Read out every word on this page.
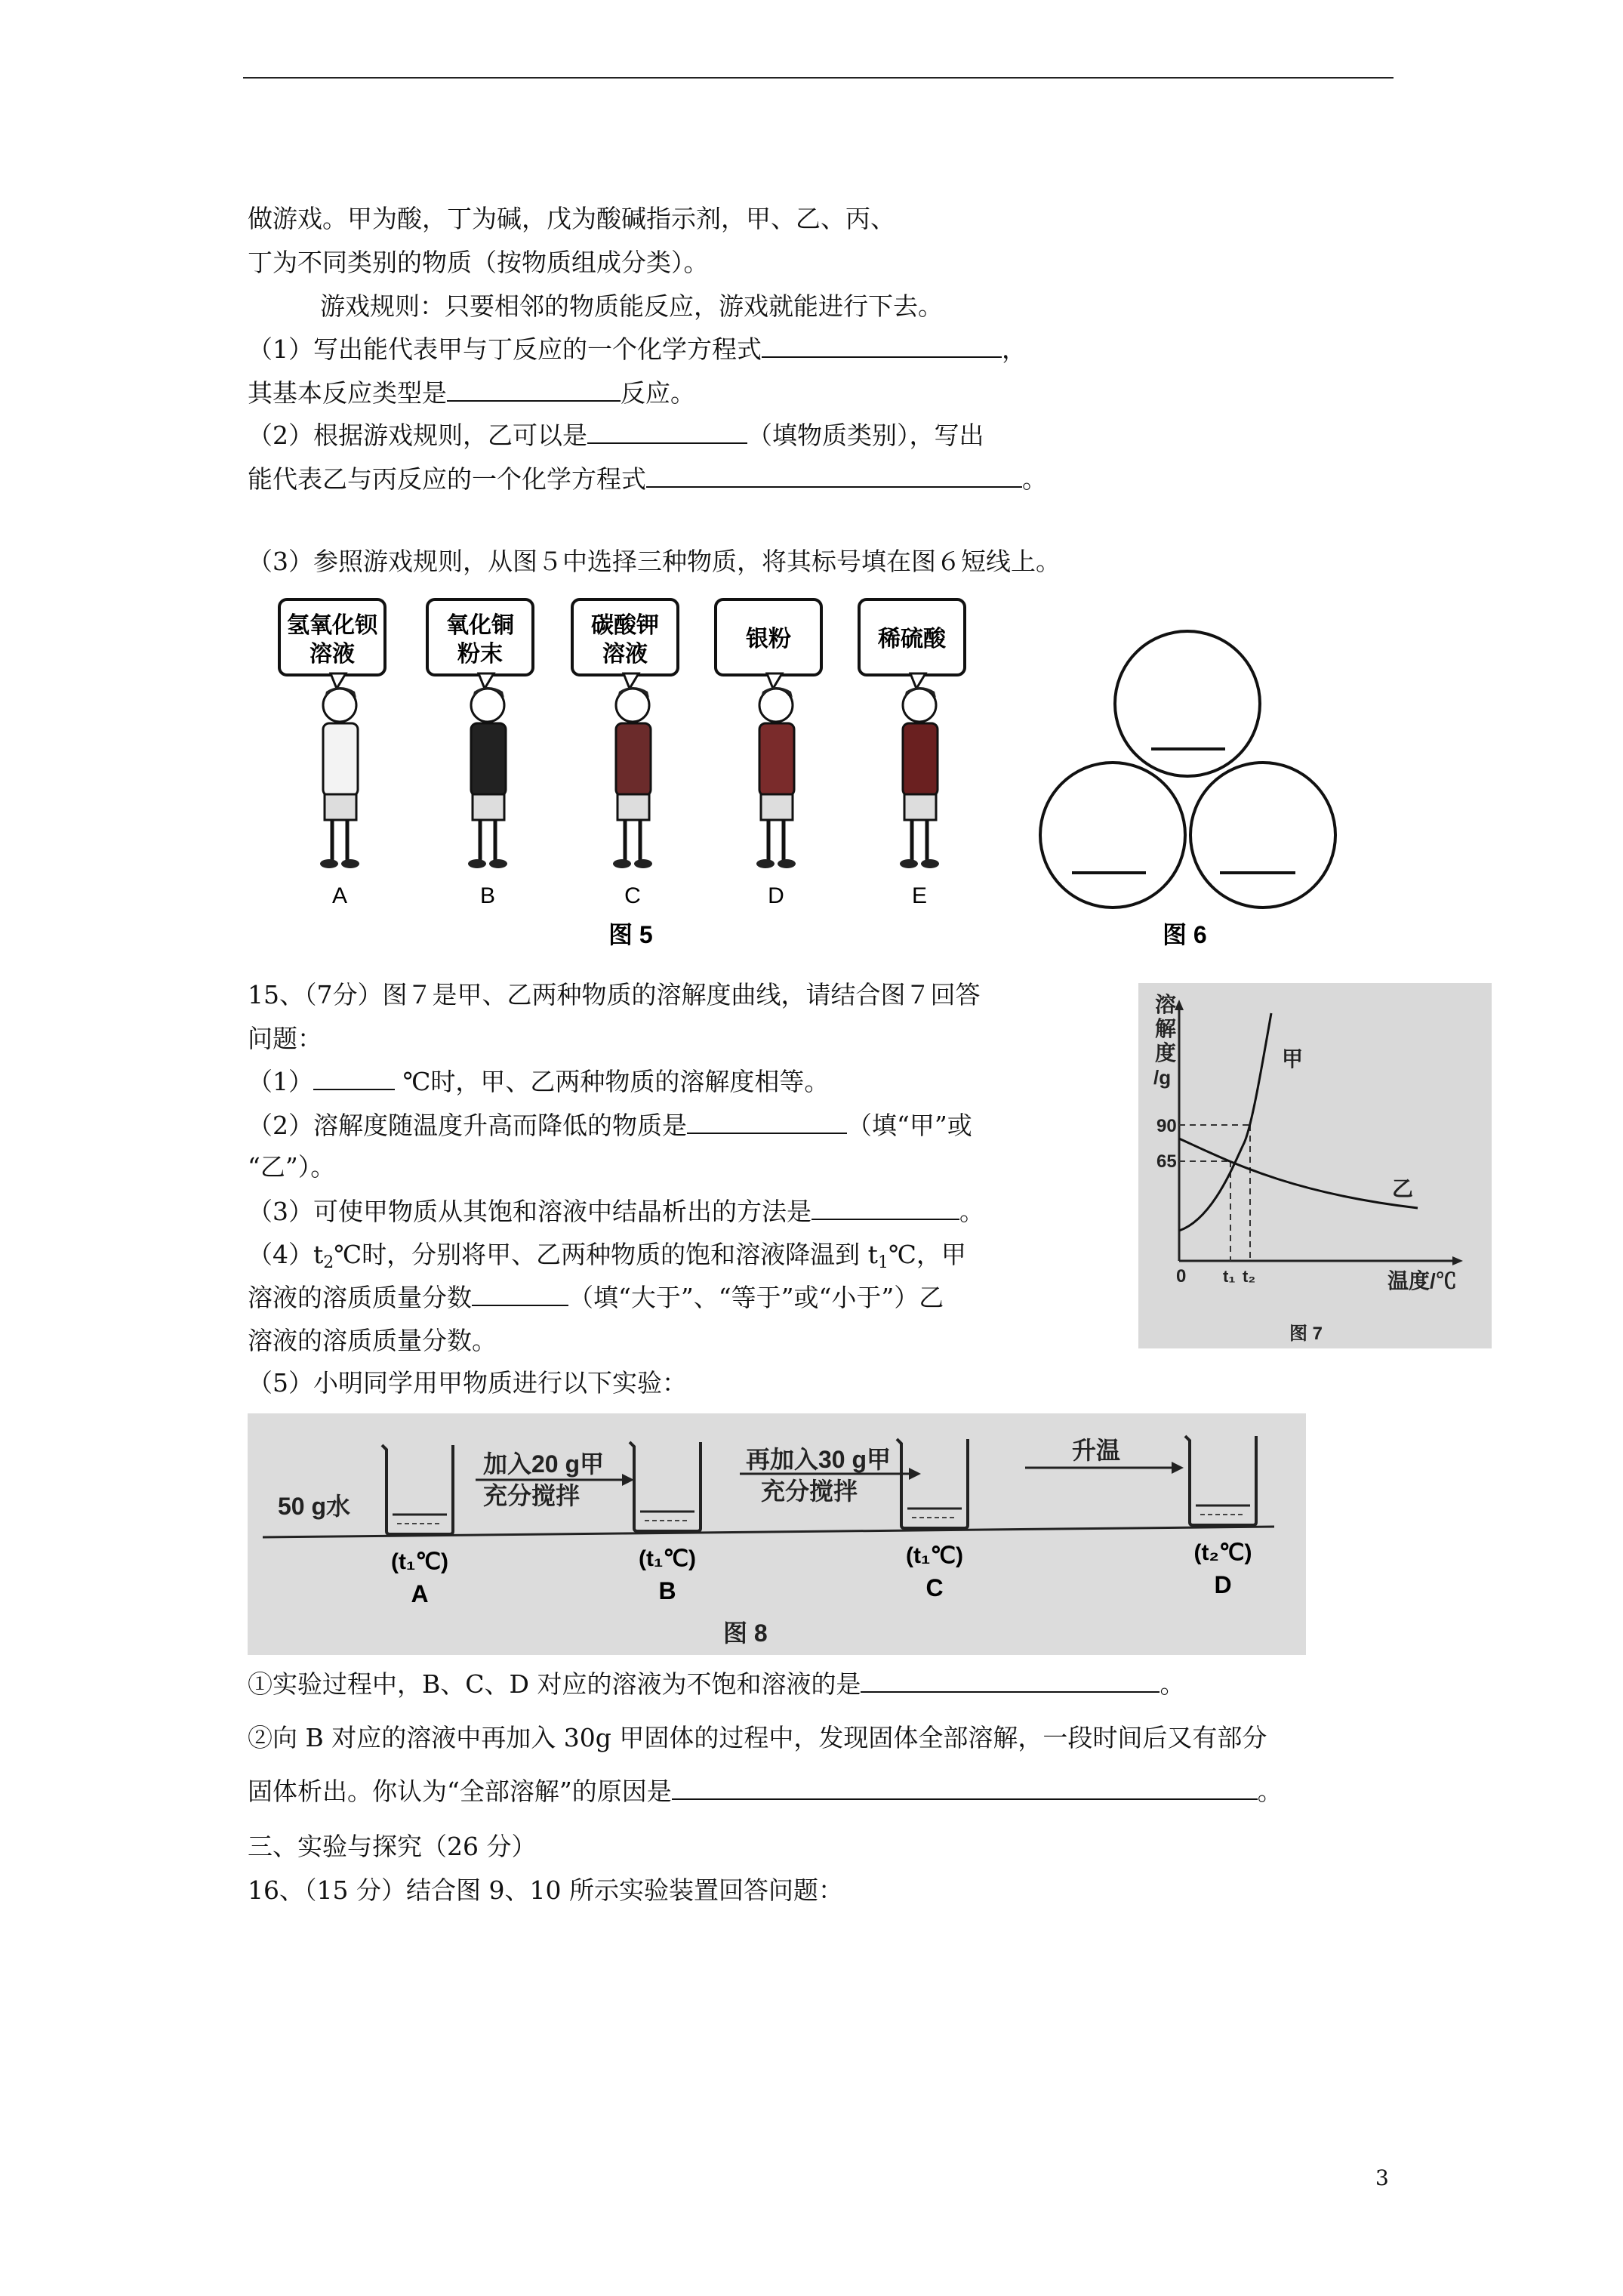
做游戏。甲为酸，丁为碱，戊为酸碱指示剂，甲、乙、丙、
丁为不同类别的物质（按物质组成分类）。
游戏规则：只要相邻的物质能反应，游戏就能进行下去。
（1）写出能代表甲与丁反应的一个化学方程式	，
其基本反应类型是	反应。
（2）根据游戏规则，乙可以是	（填物质类别），写出
能代表乙与丙反应的一个化学方程式	。
（3）参照游戏规则，从图５中选择三种物质，将其标号填在图６短线上。
氢氧化钡
溶液
A
氧化铜
粉末
B
碳酸钾
溶液
C
银粉
D
稀硫酸
E
图 5	图 6
15、（7分）图７是甲、乙两种物质的溶解度曲线，请结合图７回答
问题：
（1）	℃时，甲、乙两种物质的溶解度相等。
（2）溶解度随温度升高而降低的物质是	（填“甲”或
“乙”）。
（3）可使甲物质从其饱和溶液中结晶析出的方法是	。
$(4)t_2℃$时，分别将甲、乙两种物质的饱和溶液降温到 $t_1℃$，甲
溶液的溶质质量分数	（填“大于”、“等于”或“小于”）乙
溶液的溶质质量分数。
（5）小明同学用甲物质进行以下实验：
溶
解
度
/g
90
65
0 t₁ t₂	温度/℃
甲
乙
图 7
50 g水
加入20 g甲
充分搅拌
再加入30 g甲
充分搅拌
升温
图 8
(t₁℃)
A
(t₁℃)
B
(t₁℃)
C
(t₂℃)
D
①实验过程中，B、C、D 对应的溶液为不饱和溶液的是	。
②向 B 对应的溶液中再加入 30g 甲固体的过程中，发现固体全部溶解，一段时间后又有部分
固体析出。你认为“全部溶解”的原因是	。
三、实验与探究（26 分）
16、（15 分）结合图 9、10 所示实验装置回答问题：
3
